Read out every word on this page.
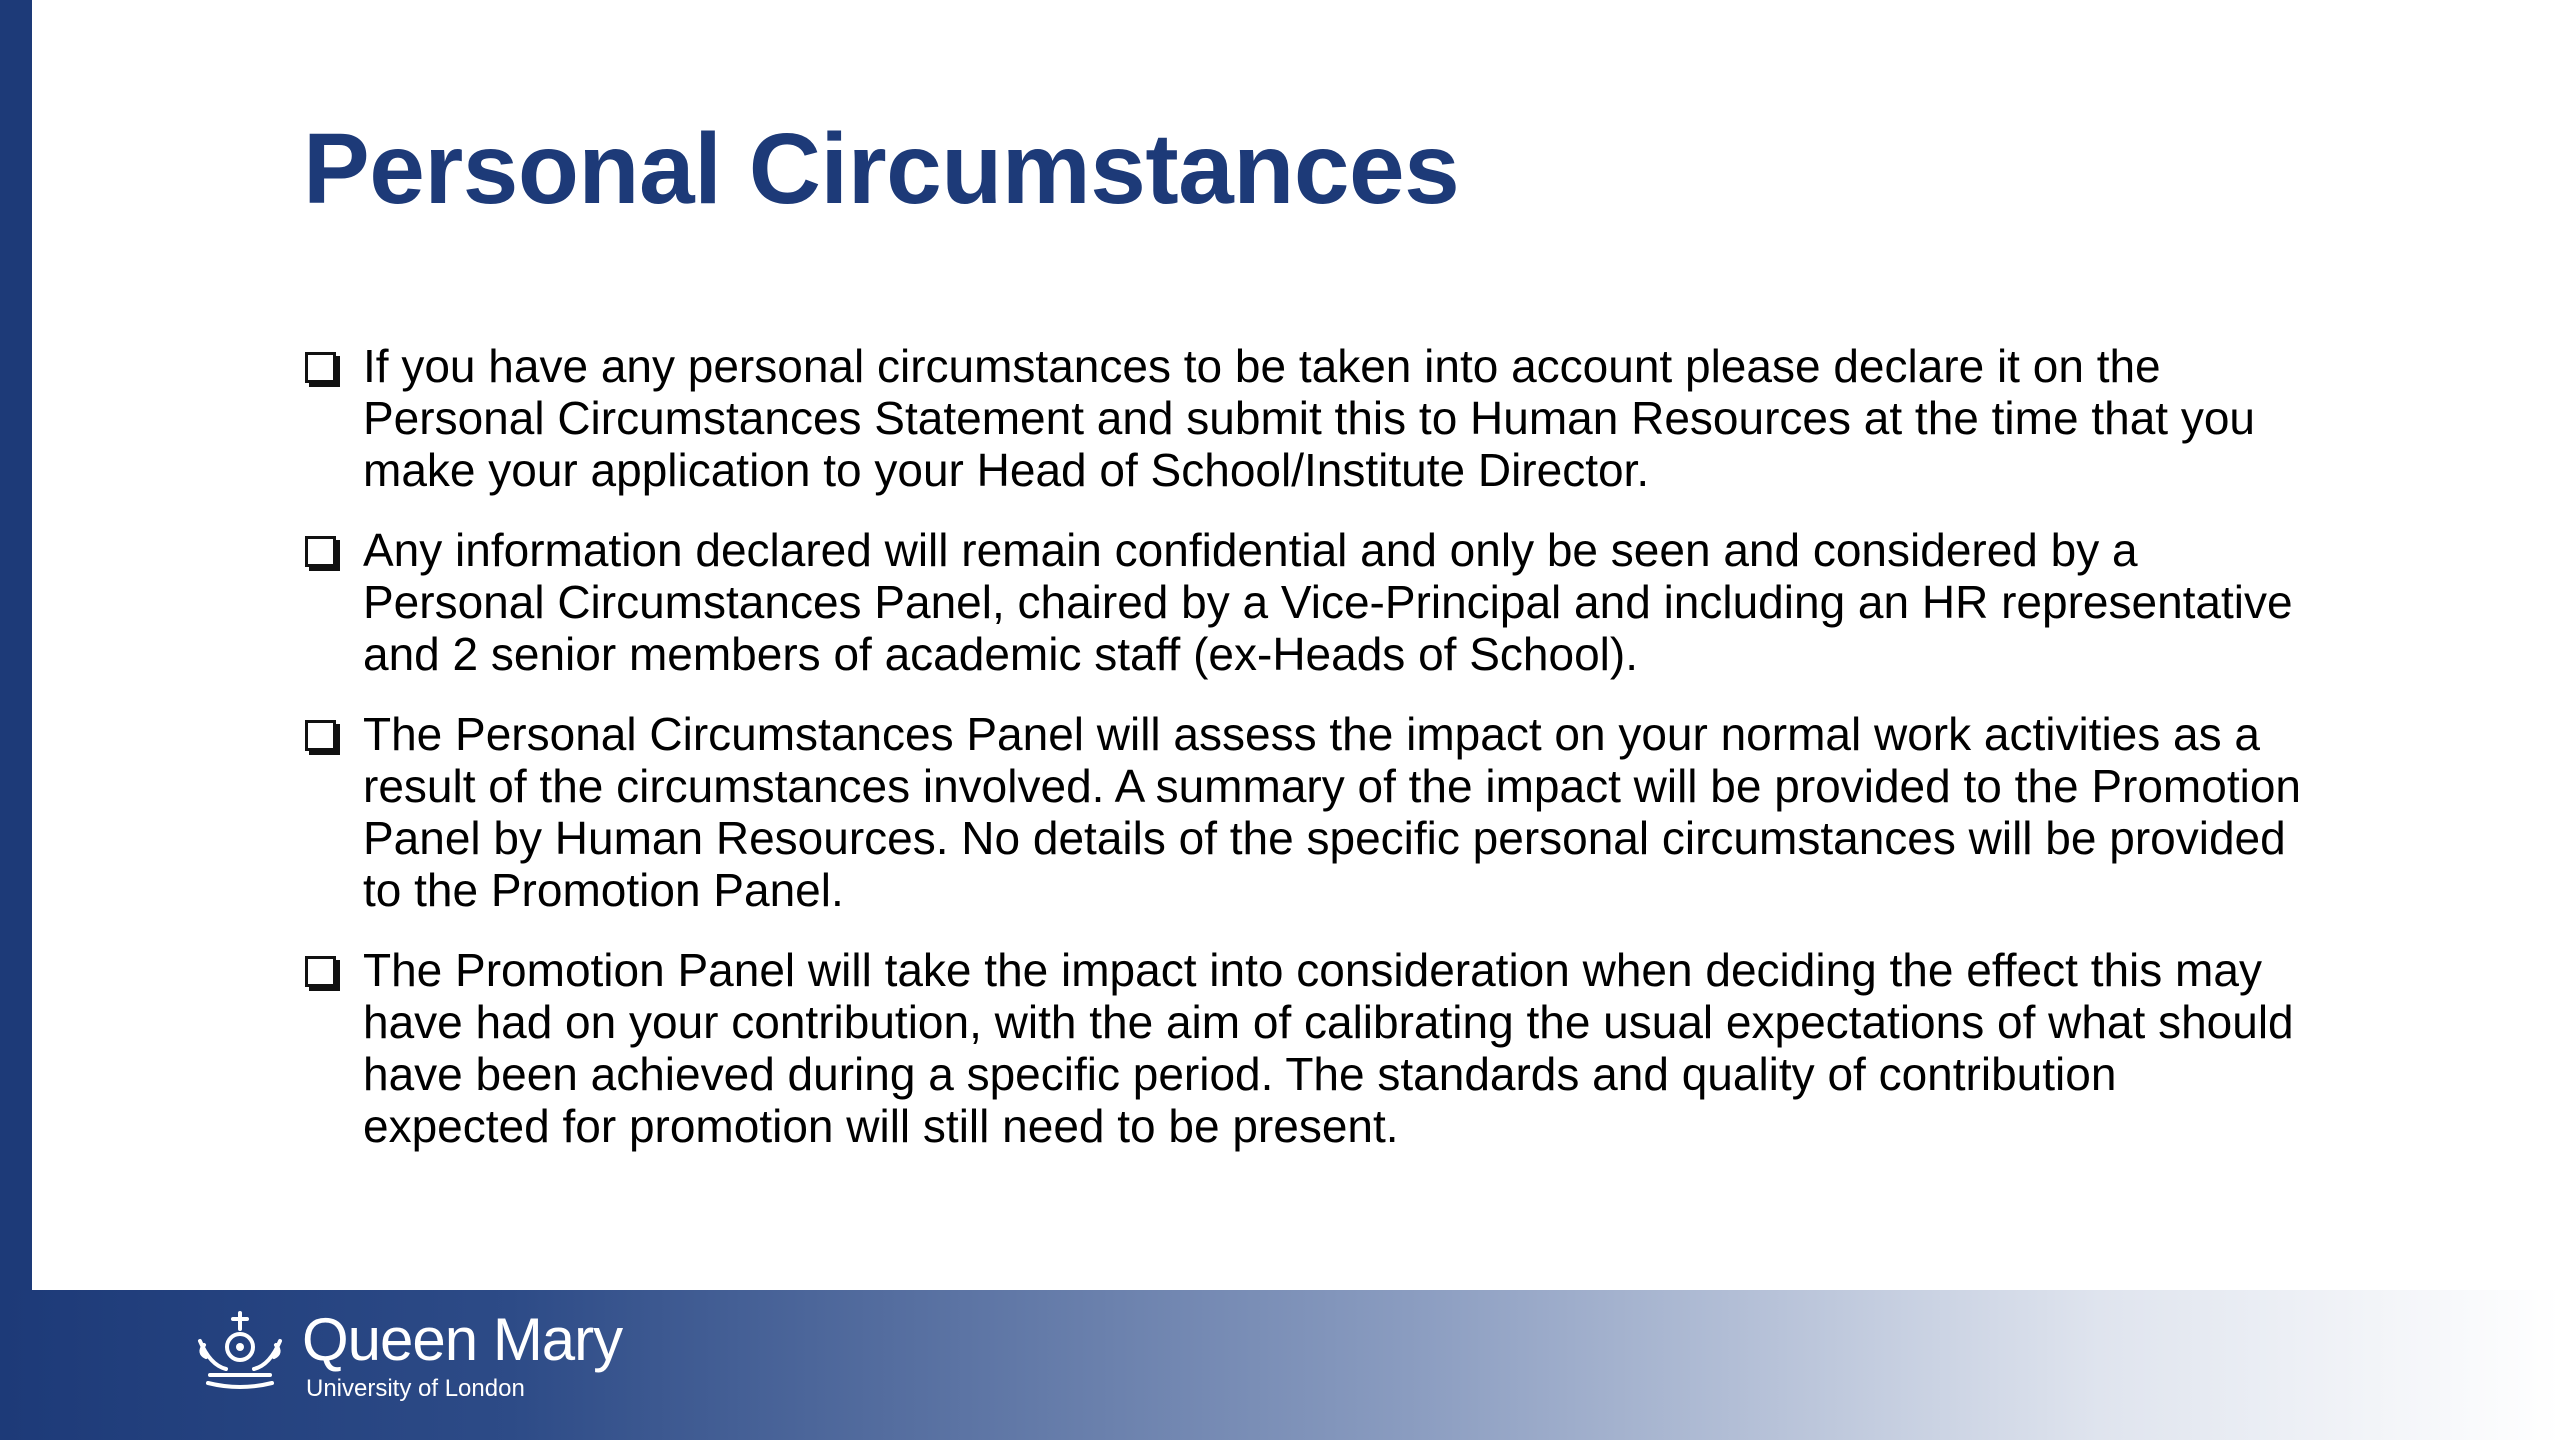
Personal Circumstances
If you have any personal circumstances to be taken into account please declare it on the Personal Circumstances Statement and submit this to Human Resources at the time that you make your application to your Head of School/Institute Director.
Any information declared will remain confidential and only be seen and considered by a Personal Circumstances Panel, chaired by a Vice-Principal and including an HR representative and 2 senior members of academic staff (ex-Heads of School).
The Personal Circumstances Panel will assess the impact on your normal work activities as a result of the circumstances involved. A summary of the impact will be provided to the Promotion Panel by Human Resources. No details of the specific personal circumstances will be provided to the Promotion Panel.
The Promotion Panel will take the impact into consideration when deciding the effect this may have had on your contribution, with the aim of calibrating the usual expectations of what should have been achieved during a specific period. The standards and quality of contribution expected for promotion will still need to be present.
Queen Mary
University of London
